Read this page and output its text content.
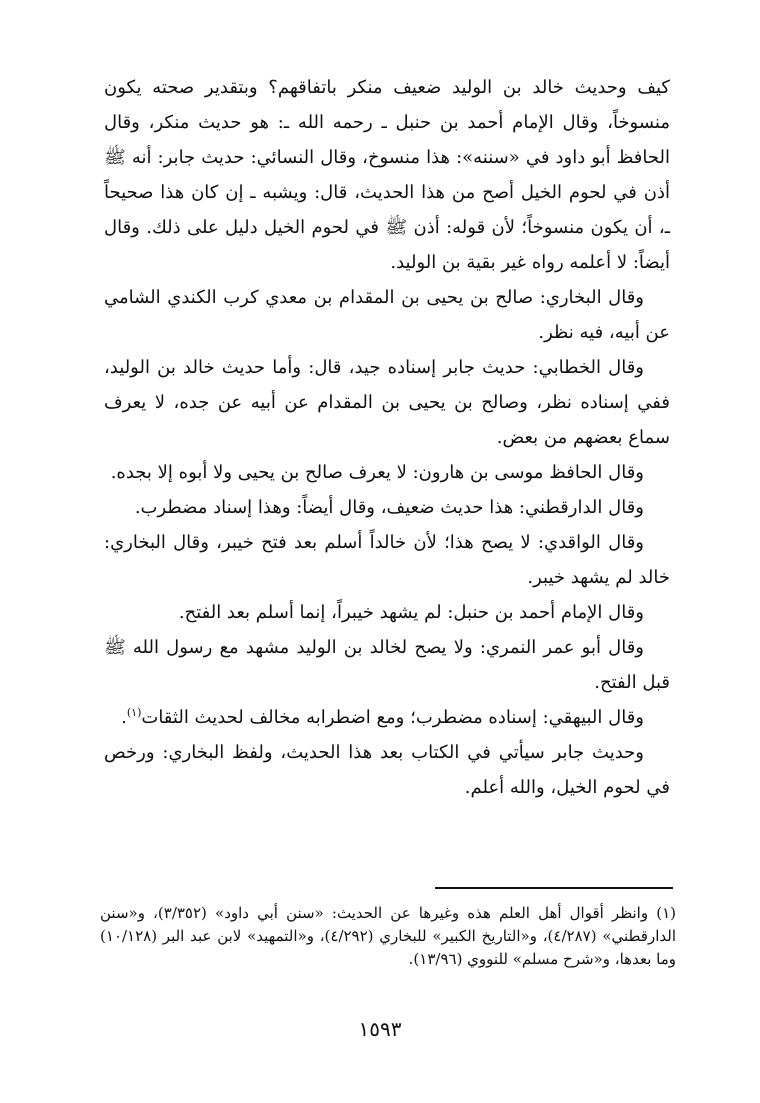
كيف وحديث خالد بن الوليد ضعيف منكر باتفاقهم؟ وبتقدير صحته يكون منسوخاً، وقال الإمام أحمد بن حنبل ـ رحمه الله ـ: هو حديث منكر، وقال الحافظ أبو داود في «سننه»: هذا منسوخ، وقال النسائي: حديث جابر: أنه ﷺ أذن في لحوم الخيل أصح من هذا الحديث، قال: ويشبه ـ إن كان هذا صحيحاً ـ، أن يكون منسوخاً؛ لأن قوله: أذن ﷺ في لحوم الخيل دليل على ذلك. وقال أيضاً: لا أعلمه رواه غير بقية بن الوليد.

وقال البخاري: صالح بن يحيى بن المقدام بن معدي كرب الكندي الشامي عن أبيه، فيه نظر.

وقال الخطابي: حديث جابر إسناده جيد، قال: وأما حديث خالد بن الوليد، ففي إسناده نظر، وصالح بن يحيى بن المقدام عن أبيه عن جده، لا يعرف سماع بعضهم من بعض.

وقال الحافظ موسى بن هارون: لا يعرف صالح بن يحيى ولا أبوه إلا بجده.

وقال الدارقطني: هذا حديث ضعيف، وقال أيضاً: وهذا إسناد مضطرب.

وقال الواقدي: لا يصح هذا؛ لأن خالداً أسلم بعد فتح خيبر، وقال البخاري: خالد لم يشهد خيبر.

وقال الإمام أحمد بن حنبل: لم يشهد خيبراً، إنما أسلم بعد الفتح.

وقال أبو عمر النمري: ولا يصح لخالد بن الوليد مشهد مع رسول الله ﷺ قبل الفتح.

وقال البيهقي: إسناده مضطرب؛ ومع اضطرابه مخالف لحديث الثقات$^{(١)}$.

وحديث جابر سيأتي في الكتاب بعد هذا الحديث، ولفظ البخاري: ورخص في لحوم الخيل، والله أعلم.

(١) وانظر أقوال أهل العلم هذه وغيرها عن الحديث: «سنن أبي داود» (٣/٣٥٢)، و«سنن الدارقطني» (٤/٢٨٧)، و«التاريخ الكبير» للبخاري (٤/٢٩٢)، و«التمهيد» لابن عبد البر (١٠/١٢٨) وما بعدها، و«شرح مسلم» للنووي (١٣/٩٦).

١٥٩٣
